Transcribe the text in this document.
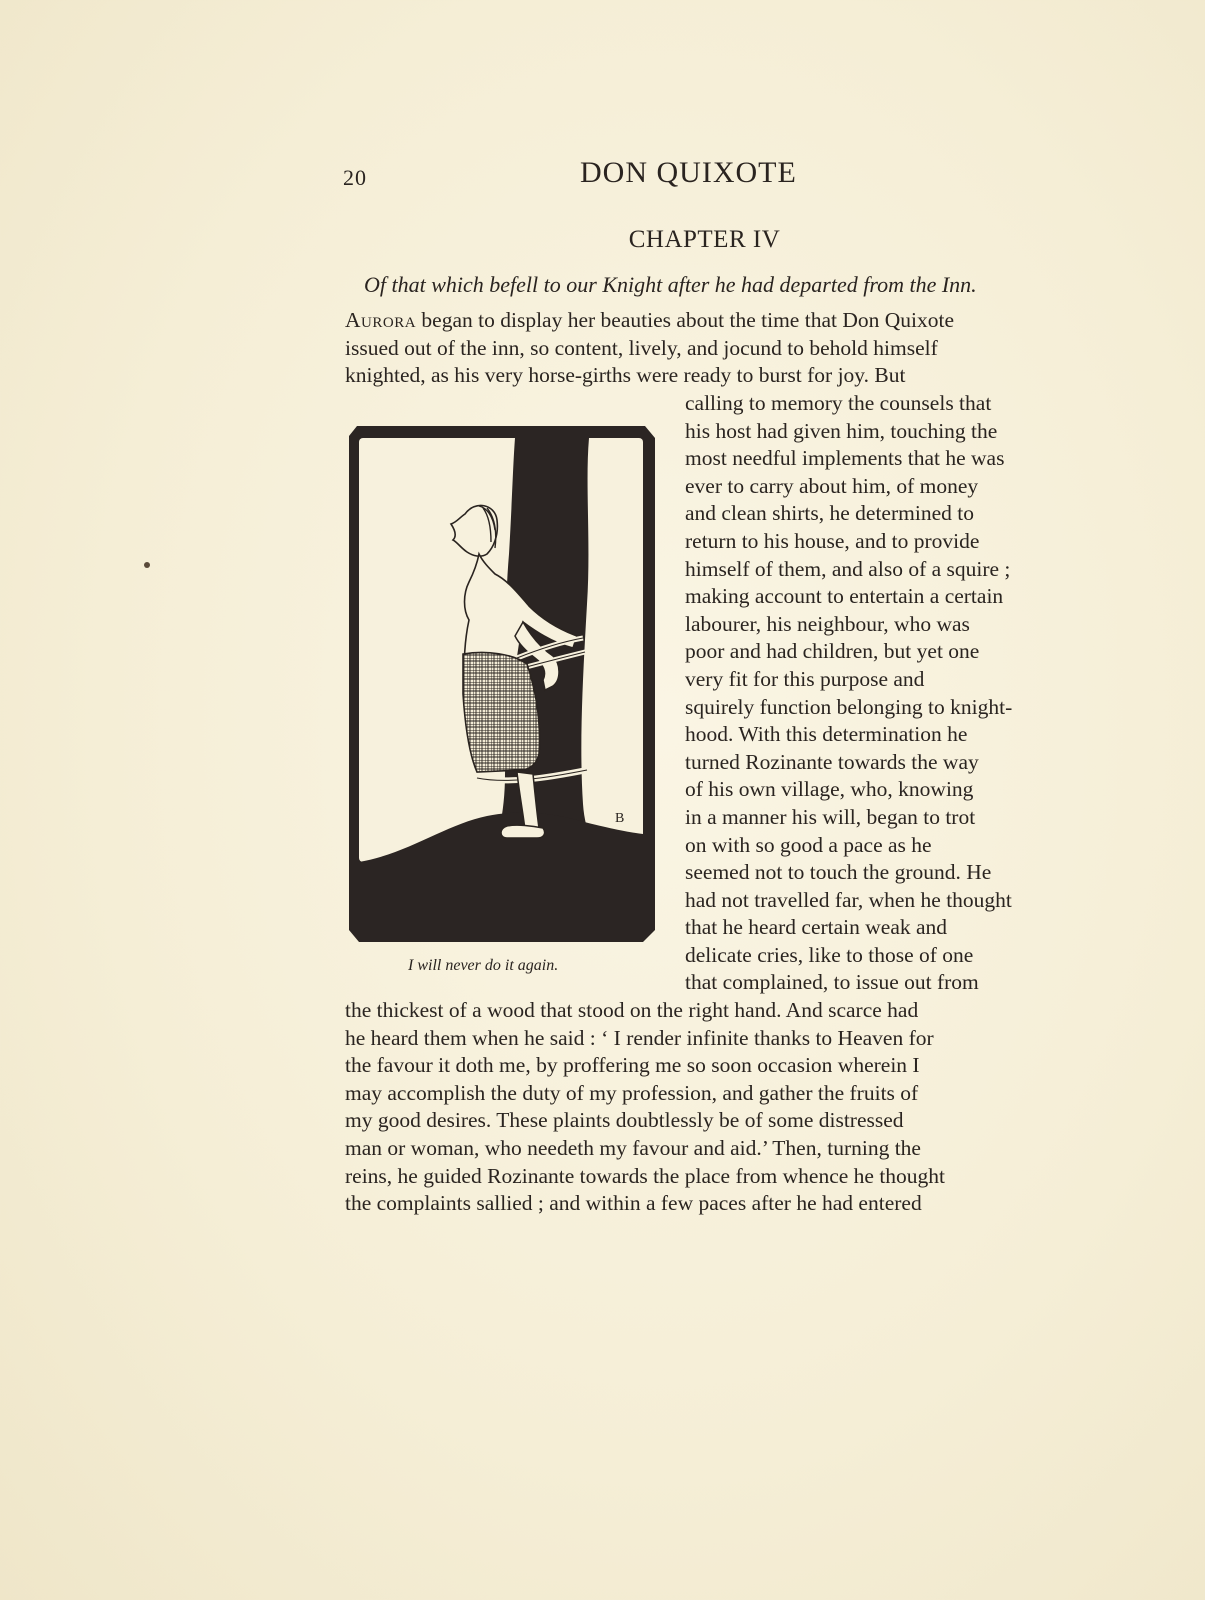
20	DON QUIXOTE
CHAPTER IV
Of that which befell to our Knight after he had departed from the Inn.
Aurora began to display her beauties about the time that Don Quixote
issued out of the inn, so content, lively, and jocund to behold himself
knighted, as his very horse-girths were ready to burst for joy. But
calling to memory the counsels that
his host had given him, touching the
most needful implements that he was
ever to carry about him, of money
and clean shirts, he determined to
return to his house, and to provide
himself of them, and also of a squire ;
making account to entertain a certain
labourer, his neighbour, who was
poor and had children, but yet one
very fit for this purpose and
squirely function belonging to knight-
hood. With this determination he
turned Rozinante towards the way
of his own village, who, knowing
in a manner his will, began to trot
on with so good a pace as he
seemed not to touch the ground. He
had not travelled far, when he thought
that he heard certain weak and
delicate cries, like to those of one
that complained, to issue out from
B
I will never do it again.
the thickest of a wood that stood on the right hand. And scarce had
he heard them when he said : ‘ I render infinite thanks to Heaven for
the favour it doth me, by proffering me so soon occasion wherein I
may accomplish the duty of my profession, and gather the fruits of
my good desires. These plaints doubtlessly be of some distressed
man or woman, who needeth my favour and aid.’ Then, turning the
reins, he guided Rozinante towards the place from whence he thought
the complaints sallied ; and within a few paces after he had entered
